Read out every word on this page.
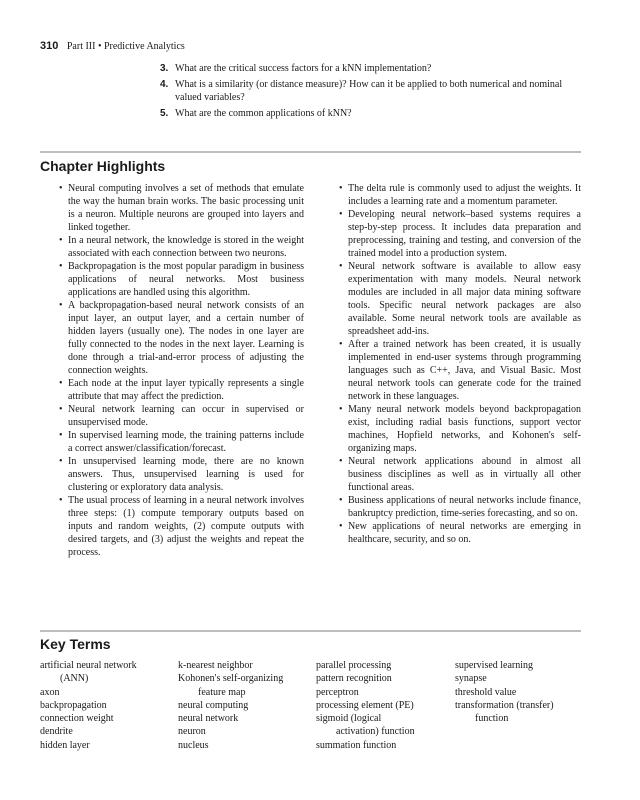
310 Part III • Predictive Analytics
3. What are the critical success factors for a kNN implementation?
4. What is a similarity (or distance measure)? How can it be applied to both numerical and nominal valued variables?
5. What are the common applications of kNN?
Chapter Highlights
• Neural computing involves a set of methods that emulate the way the human brain works. The basic processing unit is a neuron. Multiple neurons are grouped into layers and linked together.
• In a neural network, the knowledge is stored in the weight associated with each connection between two neurons.
• Backpropagation is the most popular paradigm in business applications of neural networks. Most business applications are handled using this algorithm.
• A backpropagation-based neural network consists of an input layer, an output layer, and a certain number of hidden layers (usually one). The nodes in one layer are fully connected to the nodes in the next layer. Learning is done through a trial-and-error process of adjusting the connection weights.
• Each node at the input layer typically represents a single attribute that may affect the prediction.
• Neural network learning can occur in supervised or unsupervised mode.
• In supervised learning mode, the training patterns include a correct answer/classification/forecast.
• In unsupervised learning mode, there are no known answers. Thus, unsupervised learning is used for clustering or exploratory data analysis.
• The usual process of learning in a neural network involves three steps: (1) compute temporary outputs based on inputs and random weights, (2) compute outputs with desired targets, and (3) adjust the weights and repeat the process.
• The delta rule is commonly used to adjust the weights. It includes a learning rate and a momentum parameter.
• Developing neural network–based systems requires a step-by-step process. It includes data preparation and preprocessing, training and testing, and conversion of the trained model into a production system.
• Neural network software is available to allow easy experimentation with many models. Neural network modules are included in all major data mining software tools. Specific neural network packages are also available. Some neural network tools are available as spreadsheet add-ins.
• After a trained network has been created, it is usually implemented in end-user systems through programming languages such as C++, Java, and Visual Basic. Most neural network tools can generate code for the trained network in these languages.
• Many neural network models beyond backpropagation exist, including radial basis functions, support vector machines, Hopfield networks, and Kohonen's self-organizing maps.
• Neural network applications abound in almost all business disciplines as well as in virtually all other functional areas.
• Business applications of neural networks include finance, bankruptcy prediction, time-series forecasting, and so on.
• New applications of neural networks are emerging in healthcare, security, and so on.
Key Terms
artificial neural network
(ANN)
axon
backpropagation
connection weight
dendrite
hidden layer
k-nearest neighbor
Kohonen's self-organizing
feature map
neural computing
neural network
neuron
nucleus
parallel processing
pattern recognition
perceptron
processing element (PE)
sigmoid (logical
activation) function
summation function
supervised learning
synapse
threshold value
transformation (transfer)
function
